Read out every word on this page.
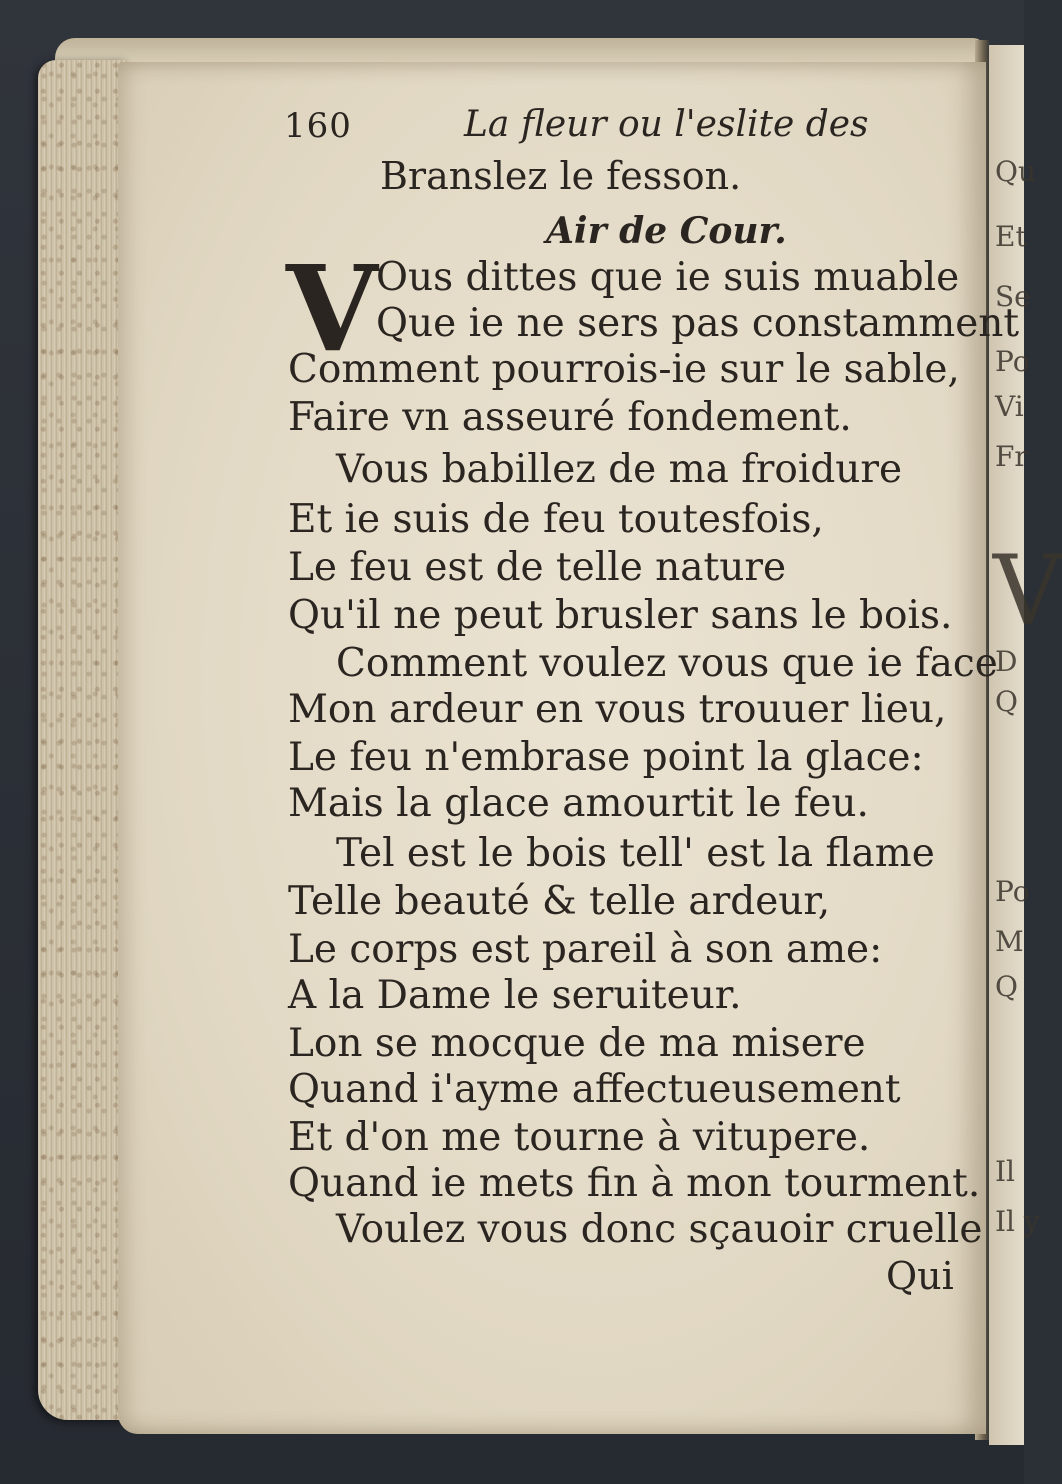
Qu
Et
Se
Po
Vi
Fr
V
D
Q
Po
M
Q
Il
Il y
160	La fleur ou l'eslite des
Branslez le fesson.
Air de Cour.
V
Ous dittes que ie suis muable
Que ie ne sers pas constamment
Comment pourrois-ie sur le sable,
Faire vn asseuré fondement.
Vous babillez de ma froidure
Et ie suis de feu toutesfois,
Le feu est de telle nature
Qu'il ne peut brusler sans le bois.
Comment voulez vous que ie face
Mon ardeur en vous trouuer lieu,
Le feu n'embrase point la glace:
Mais la glace amourtit le feu.
Tel est le bois tell' est la flame
Telle beauté & telle ardeur,
Le corps est pareil à son ame:
A la Dame le seruiteur.
Lon se mocque de ma misere
Quand i'ayme affectueusement
Et d'on me tourne à vitupere.
Quand ie mets fin à mon tourment.
Voulez vous donc sçauoir cruelle
Qui
